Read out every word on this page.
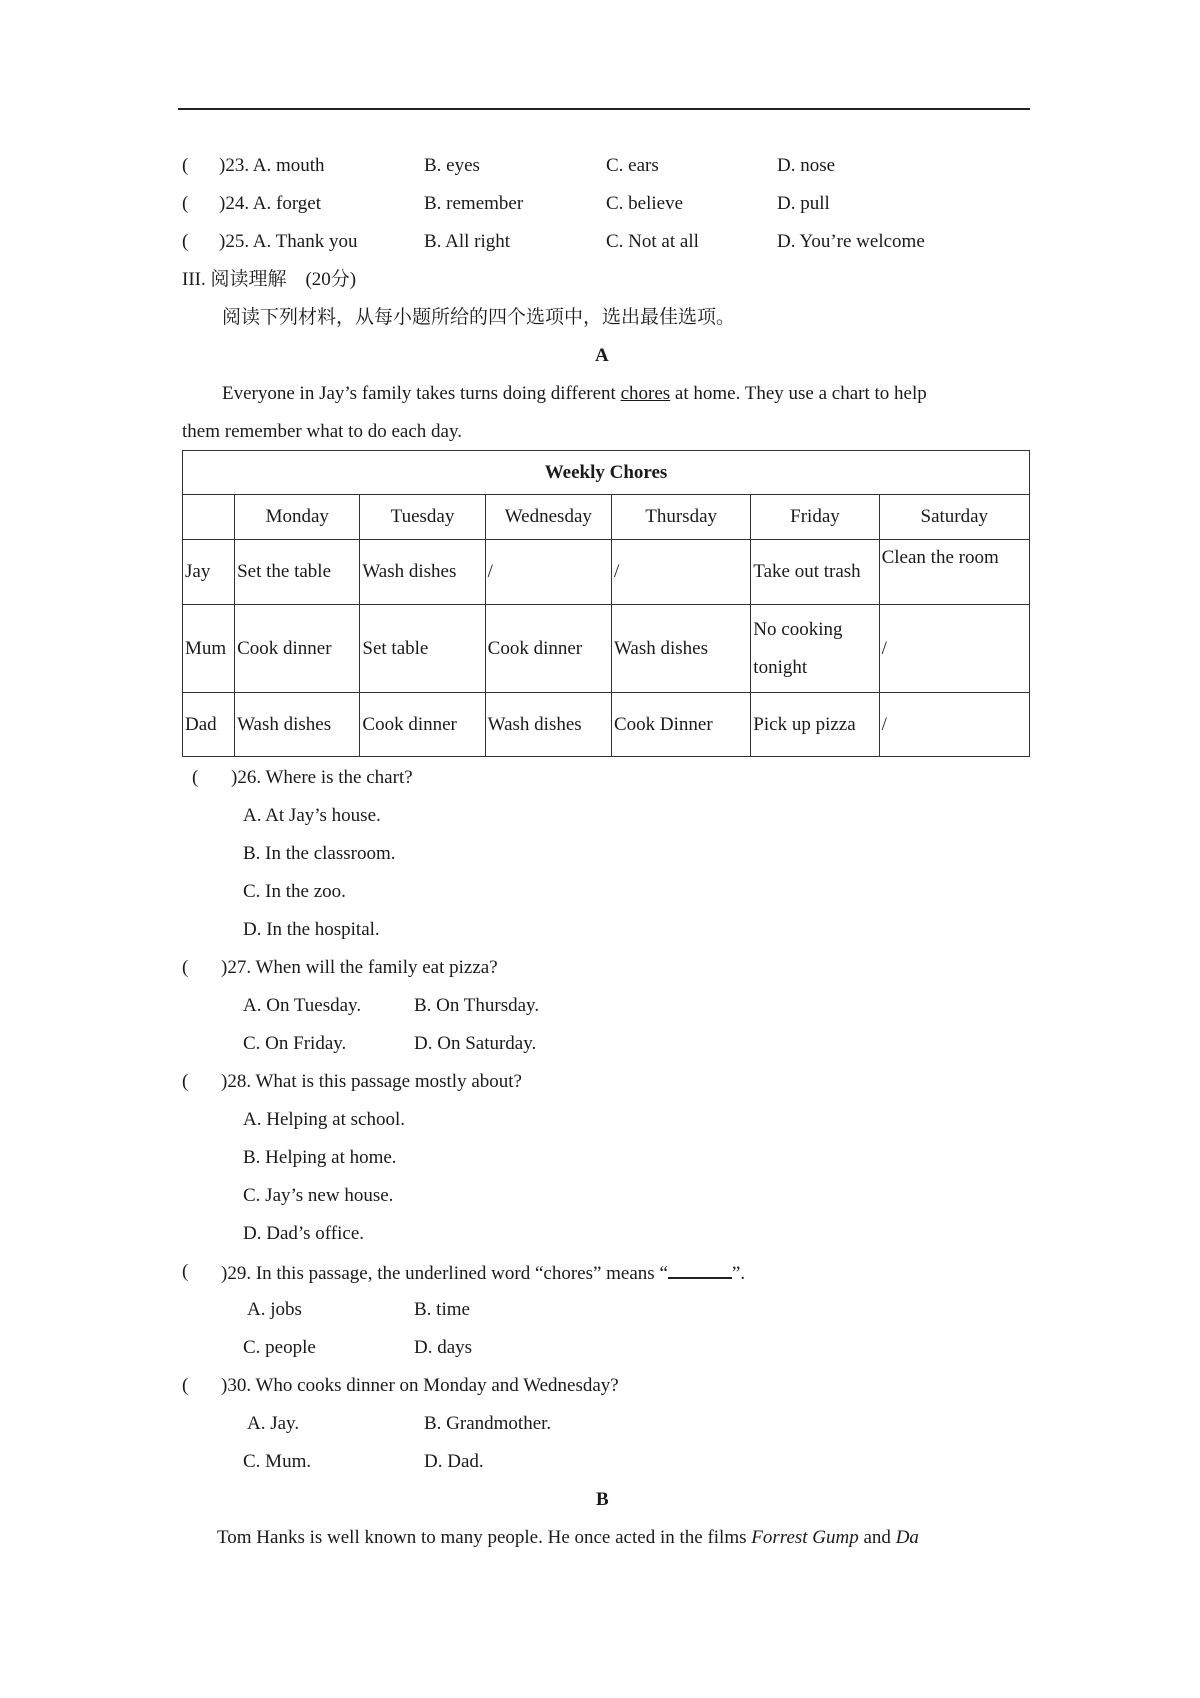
( )23. A. mouth	B. eyes	C. ears	D. nose
( )24. A. forget	B. remember	C. believe	D. pull
( )25. A. Thank you	B. All right	C. Not at all	D. You’re welcome
III. 阅读理解　(20分)
阅读下列材料，从每小题所给的四个选项中，选出最佳选项。
A
Everyone in Jay’s family takes turns doing different chores at home. They use a chart to help
them remember what to do each day.
Weekly Chores						
	Monday	Tuesday	Wednesday	Thursday	Friday	Saturday
Jay	Set the table	Wash dishes	/	/	Take out trash	Clean the room
Mum	Cook dinner	Set table	Cook dinner	Wash dishes	No cooking
tonight	/
Dad	Wash dishes	Cook dinner	Wash dishes	Cook Dinner	Pick up pizza	/
( )26. Where is the chart?
A. At Jay’s house.
B. In the classroom.
C. In the zoo.
D. In the hospital.
( )27. When will the family eat pizza?
A. On Tuesday.	B. On Thursday.
C. On Friday.	D. On Saturday.
( )28. What is this passage mostly about?
A. Helping at school.
B. Helping at home.
C. Jay’s new house.
D. Dad’s office.
( )29. In this passage, the underlined word “chores” means “	”.
A. jobs	B. time
C. people	D. days
( )30. Who cooks dinner on Monday and Wednesday?
A. Jay.	B. Grandmother.
C. Mum.	D. Dad.
B
Tom Hanks is well known to many people. He once acted in the films Forrest Gump and Da
